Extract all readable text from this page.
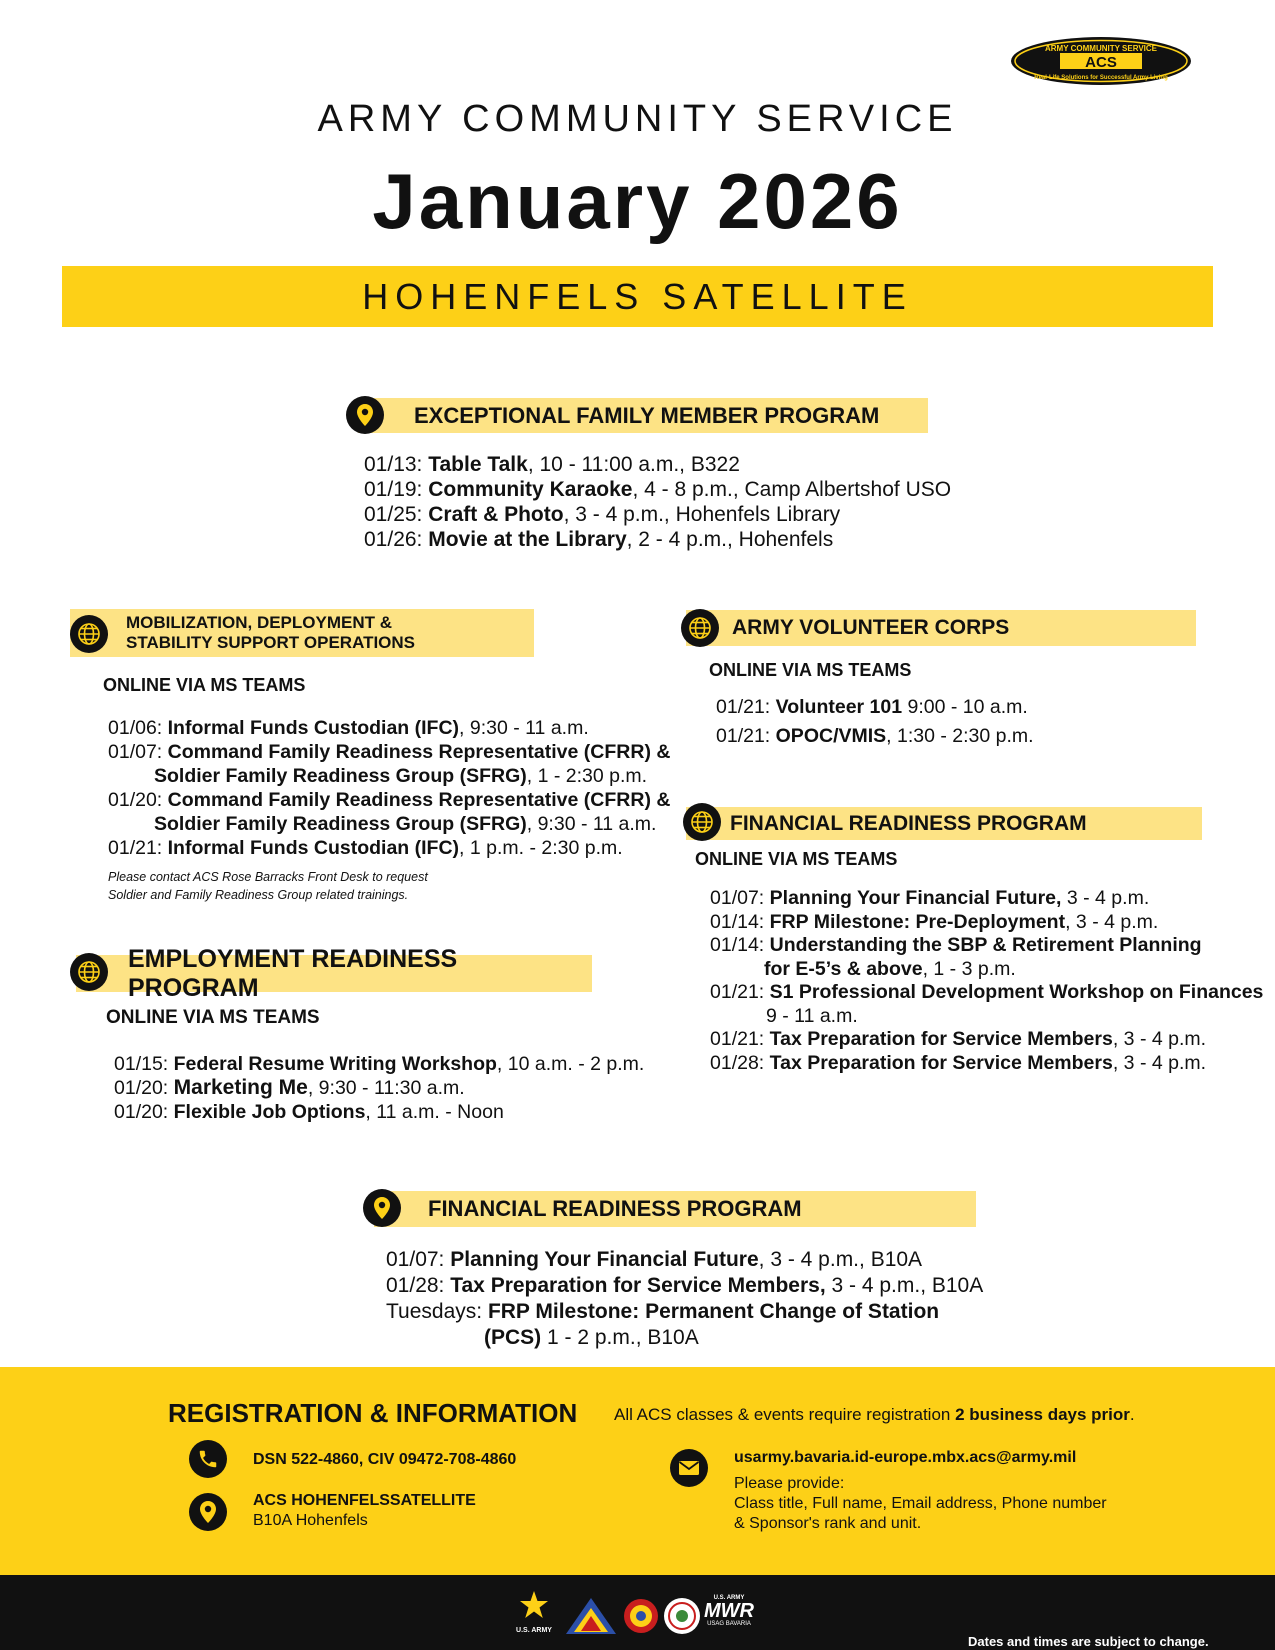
ARMY COMMUNITY SERVICE
ACS
Real-Life Solutions for Successful Army Living
ARMY COMMUNITY SERVICE
January 2026
HOHENFELS SATELLITE
EXCEPTIONAL FAMILY MEMBER PROGRAM
01/13: Table Talk, 10 - 11:00 a.m., B322
01/19: Community Karaoke, 4 - 8 p.m., Camp Albertshof USO
01/25: Craft & Photo, 3 - 4 p.m., Hohenfels Library
01/26: Movie at the Library, 2 - 4 p.m., Hohenfels
MOBILIZATION, DEPLOYMENT &
STABILITY SUPPORT OPERATIONS
ONLINE VIA MS TEAMS
01/06: Informal Funds Custodian (IFC), 9:30 - 11 a.m.
01/07: Command Family Readiness Representative (CFRR) &
Soldier Family Readiness Group (SFRG), 1 - 2:30 p.m.
01/20: Command Family Readiness Representative (CFRR) &
Soldier Family Readiness Group (SFRG), 9:30 - 11 a.m.
01/21: Informal Funds Custodian (IFC), 1 p.m. - 2:30 p.m.
Please contact ACS Rose Barracks Front Desk to request
Soldier and Family Readiness Group related trainings.
EMPLOYMENT READINESS PROGRAM
ONLINE VIA MS TEAMS
01/15: Federal Resume Writing Workshop, 10 a.m. - 2 p.m.
01/20: Marketing Me, 9:30 - 11:30 a.m.
01/20: Flexible Job Options, 11 a.m. - Noon
ARMY VOLUNTEER CORPS
ONLINE VIA MS TEAMS
01/21: Volunteer 101 9:00 - 10 a.m.
01/21: OPOC/VMIS, 1:30 - 2:30 p.m.
FINANCIAL READINESS PROGRAM
ONLINE VIA MS TEAMS
01/07: Planning Your Financial Future, 3 - 4 p.m.
01/14: FRP Milestone: Pre-Deployment, 3 - 4 p.m.
01/14: Understanding the SBP & Retirement Planning
for E-5’s & above, 1 - 3 p.m.
01/21: S1 Professional Development Workshop on Finances
9 - 11 a.m.
01/21: Tax Preparation for Service Members, 3 - 4 p.m.
01/28: Tax Preparation for Service Members, 3 - 4 p.m.
FINANCIAL READINESS PROGRAM
01/07: Planning Your Financial Future, 3 - 4 p.m., B10A
01/28: Tax Preparation for Service Members, 3 - 4 p.m., B10A
Tuesdays: FRP Milestone: Permanent Change of Station
(PCS) 1 - 2 p.m., B10A
REGISTRATION & INFORMATION All ACS classes & events require registration 2 business days prior.
DSN 522-4860, CIV 09472-708-4860
ACS HOHENFELSSATELLITE
B10A Hohenfels
usarmy.bavaria.id-europe.mbx.acs@army.mil
Please provide:
Class title, Full name, Email address, Phone number
& Sponsor's rank and unit.
U.S. ARMY
U.S. ARMY
MWR
USAG BAVARIA
Dates and times are subject to change.
